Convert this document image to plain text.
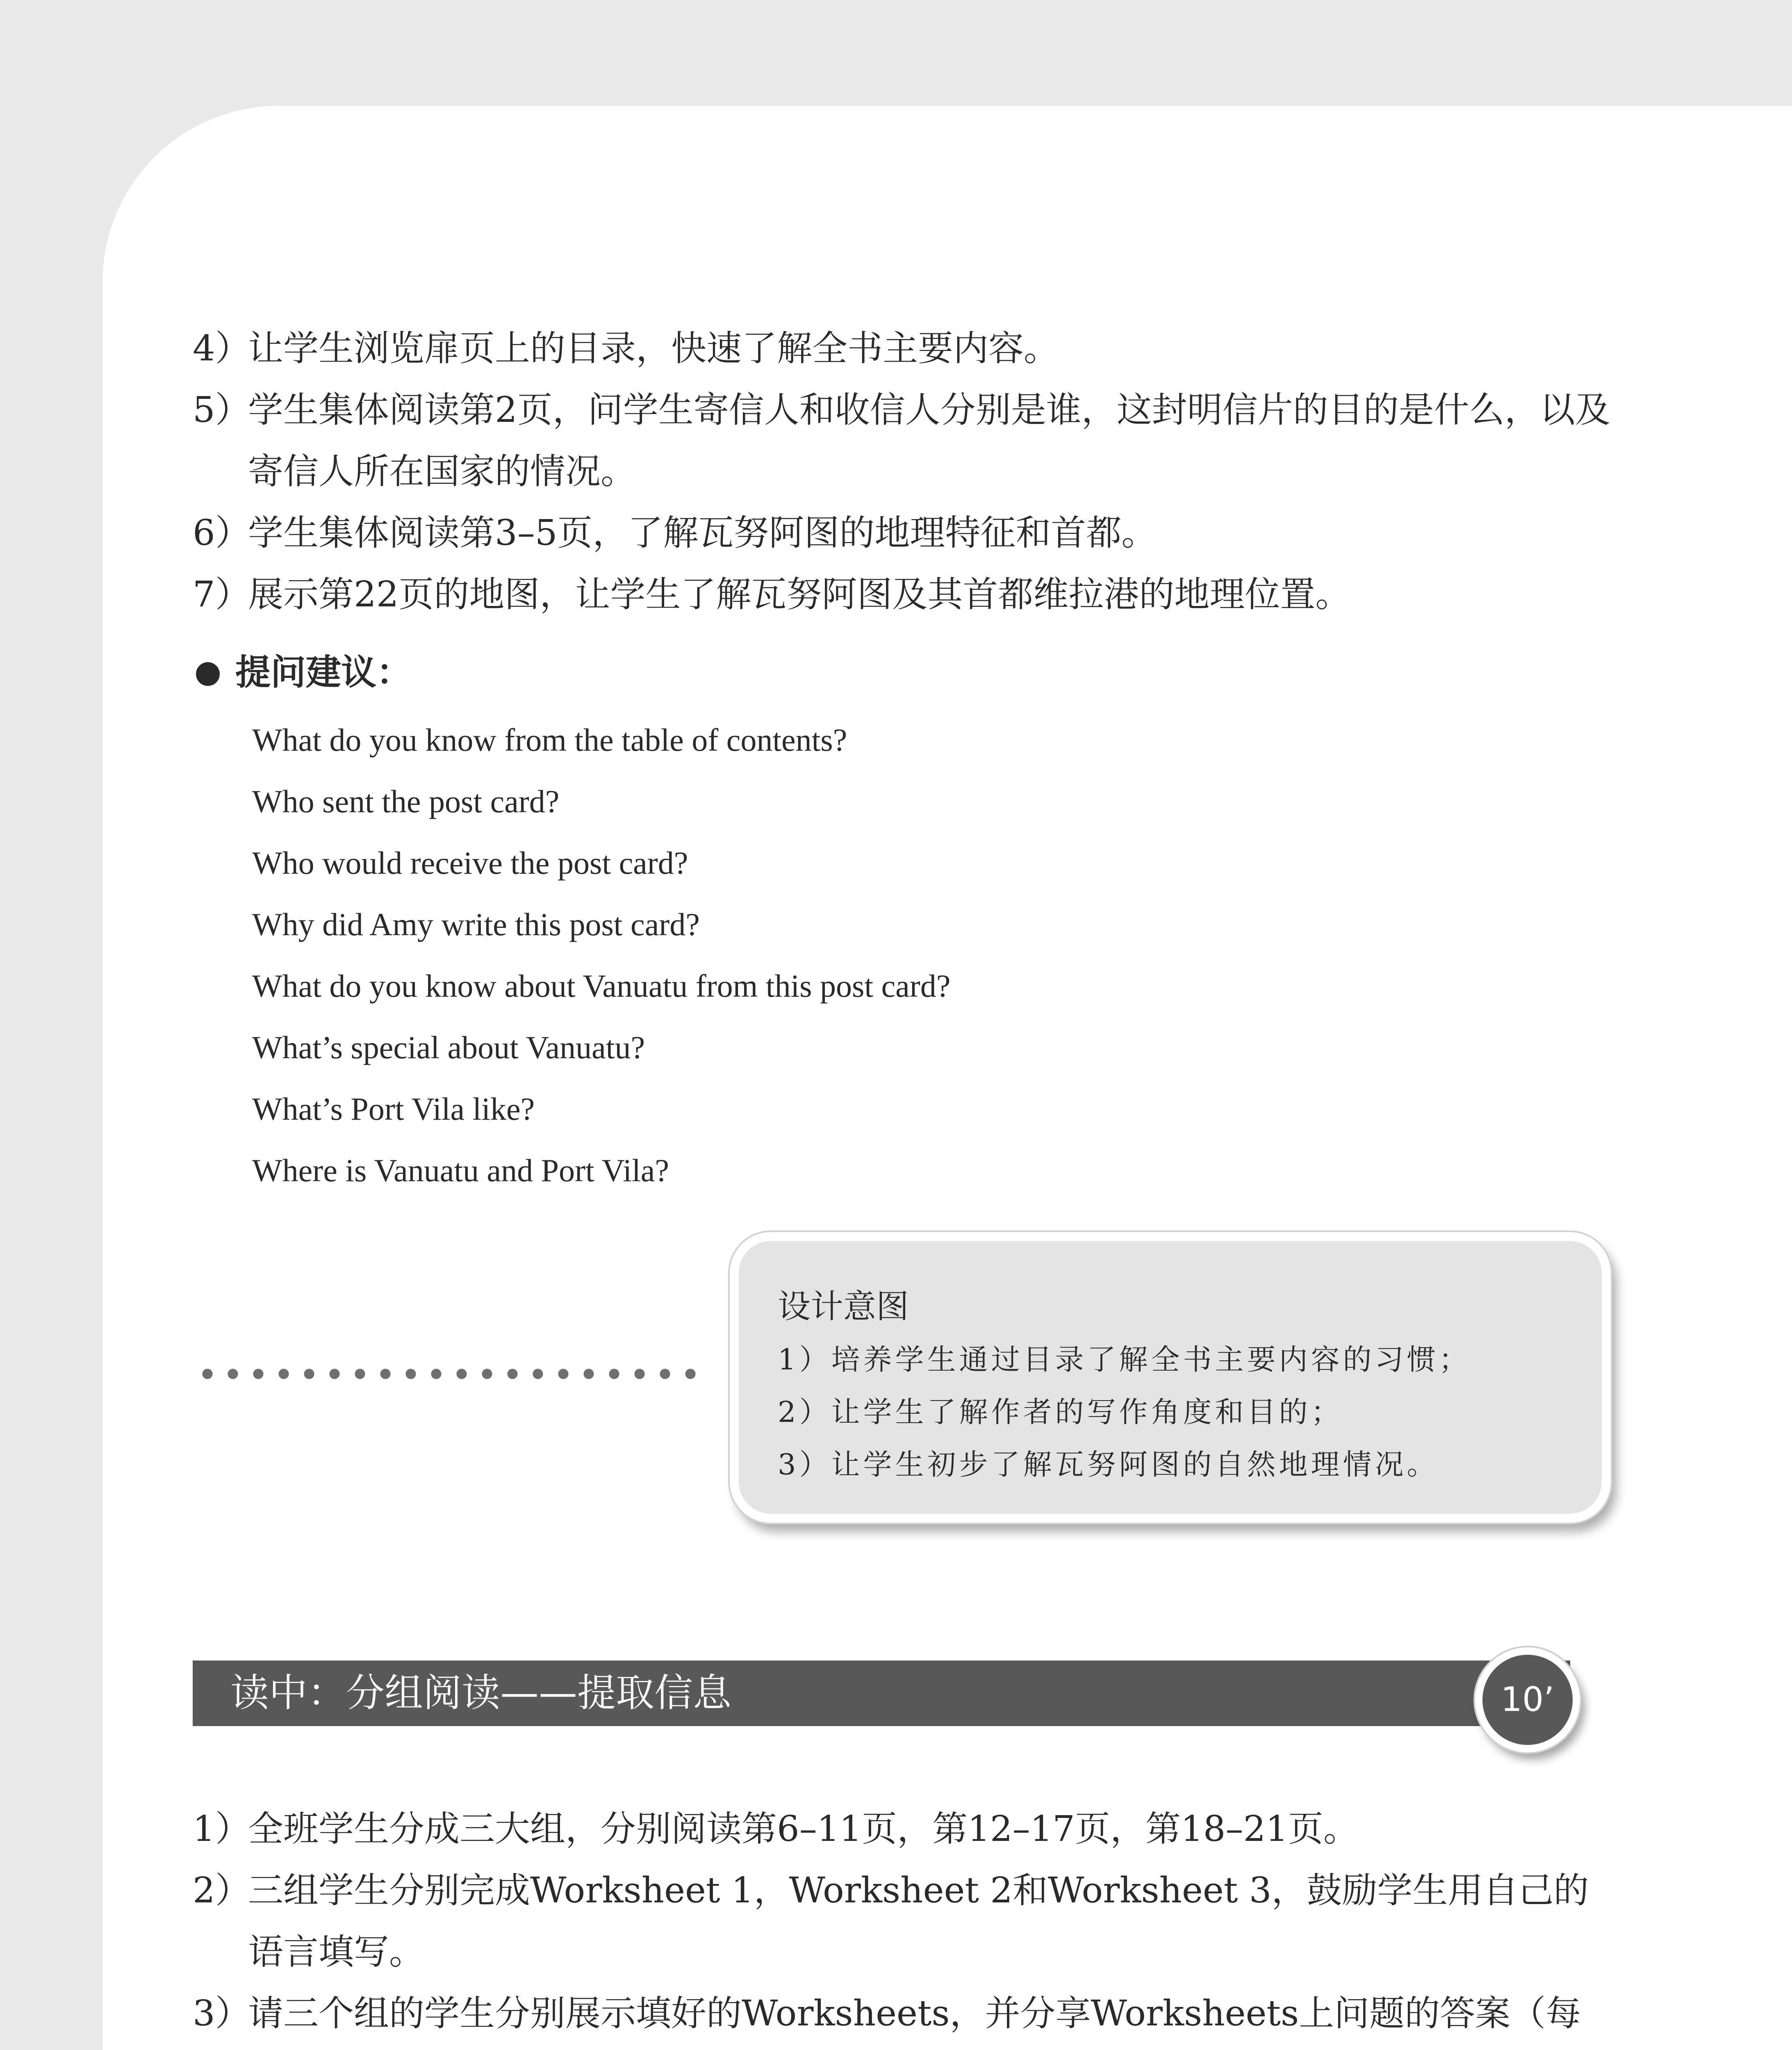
4）
让学生浏览扉页上的目录，快速了解全书主要内容。
5）
学生集体阅读第2页，问学生寄信人和收信人分别是谁，这封明信片的目的是什么，以及寄信人所在国家的情况。
6）
学生集体阅读第3–5页，了解瓦努阿图的地理特征和首都。
7）
展示第22页的地图，让学生了解瓦努阿图及其首都维拉港的地理位置。
提问建议：
What do you know from the table of contents?
Who sent the post card?
Who would receive the post card?
Why did Amy write this post card?
What do you know about Vanuatu from this post card?
What’s special about Vanuatu?
What’s Port Vila like?
Where is Vanuatu and Port Vila?
设计意图
1）培养学生通过目录了解全书主要内容的习惯；
2）让学生了解作者的写作角度和目的；
3）让学生初步了解瓦努阿图的自然地理情况。
读中：分组阅读——提取信息	10’
1）
全班学生分成三大组，分别阅读第6–11页，第12–17页，第18–21页。
2）
三组学生分别完成Worksheet 1，Worksheet 2和Worksheet 3，鼓励学生用自己的语言填写。
3）
请三个组的学生分别展示填好的Worksheets，并分享Worksheets上问题的答案（每
